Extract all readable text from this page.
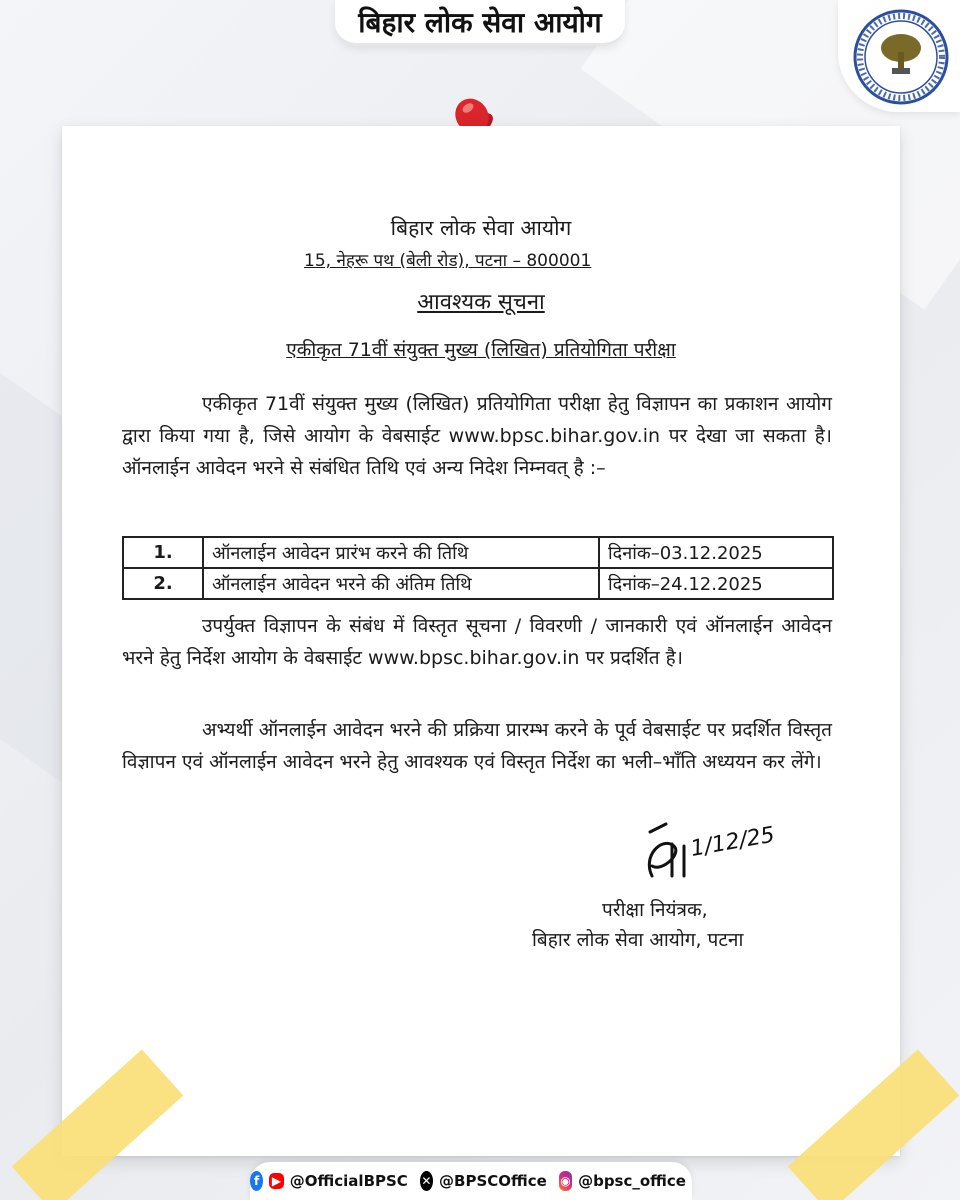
बिहार लोक सेवा आयोग
बिहार लोक सेवा आयोग
15, नेहरू पथ (बेली रोड), पटना – 800001
आवश्यक सूचना
एकीकृत 71वीं संयुक्त मुख्य (लिखित) प्रतियोगिता परीक्षा

एकीकृत 71वीं संयुक्त मुख्य (लिखित) प्रतियोगिता परीक्षा हेतु विज्ञापन का प्रकाशन आयोग द्वारा किया गया है, जिसे आयोग के वेबसाईट www.bpsc.bihar.gov.in पर देखा जा सकता है। ऑनलाईन आवेदन भरने से संबंधित तिथि एवं अन्य निदेश निम्नवत् है :–

1.	ऑनलाईन आवेदन प्रारंभ करने की तिथि	दिनांक–03.12.2025
2.	ऑनलाईन आवेदन भरने की अंतिम तिथि	दिनांक–24.12.2025

उपर्युक्त विज्ञापन के संबंध में विस्तृत सूचना / विवरणी / जानकारी एवं ऑनलाईन आवेदन भरने हेतु निर्देश आयोग के वेबसाईट www.bpsc.bihar.gov.in पर प्रदर्शित है।

अभ्यर्थी ऑनलाईन आवेदन भरने की प्रक्रिया प्रारम्भ करने के पूर्व वेबसाईट पर प्रदर्शित विस्तृत विज्ञापन एवं ऑनलाईन आवेदन भरने हेतु आवश्यक एवं विस्तृत निर्देश का भली–भाँति अध्ययन कर लेंगे।

1/12/25
परीक्षा नियंत्रक,
बिहार लोक सेवा आयोग, पटना
f	▶ @OfficialBPSC ✕ @BPSCOffice ◉ @bpsc_office
